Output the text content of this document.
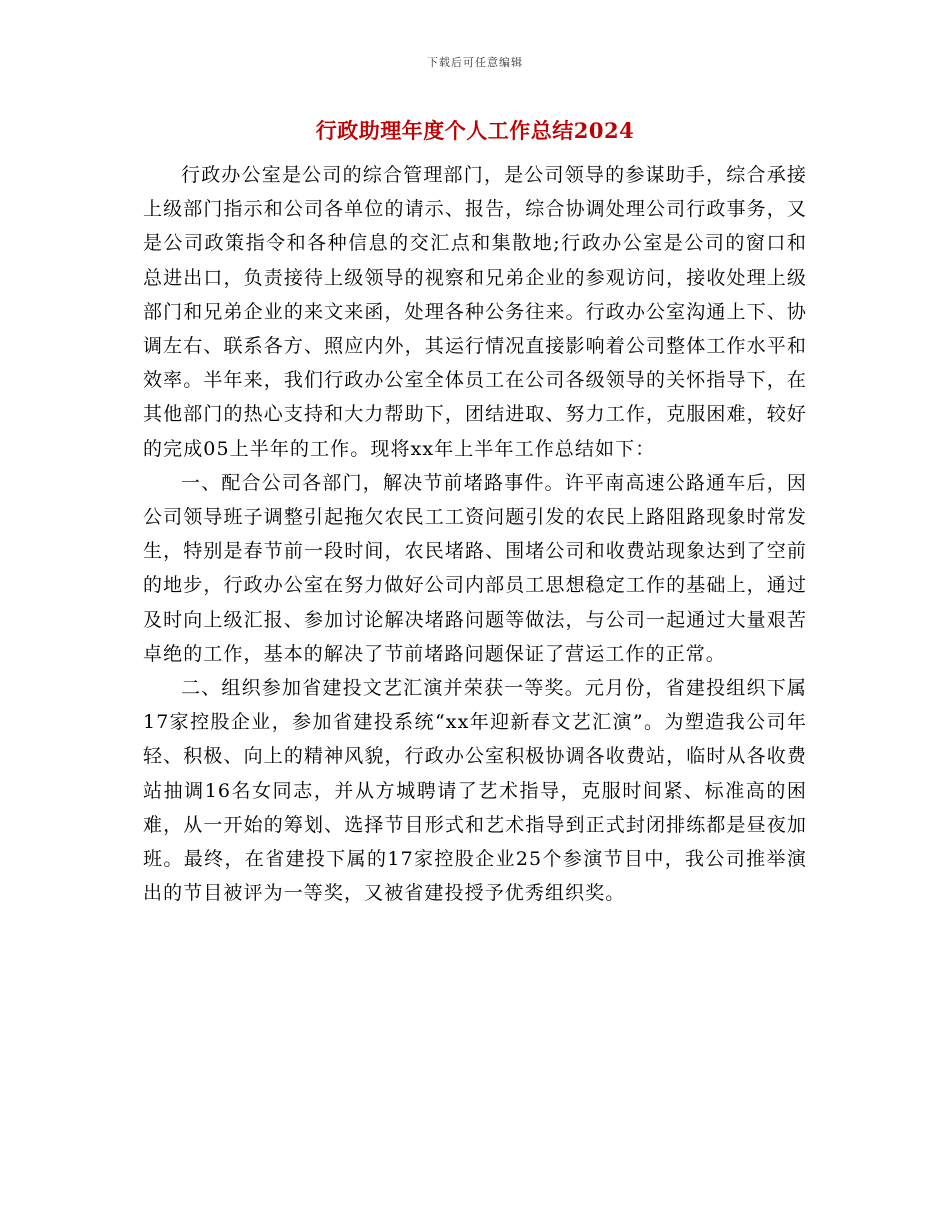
下载后可任意编辑
行政助理年度个人工作总结2024

行政办公室是公司的综合管理部门，是公司领导的参谋助手，综合承接上级部门指示和公司各单位的请示、报告，综合协调处理公司行政事务，又是公司政策指令和各种信息的交汇点和集散地;行政办公室是公司的窗口和总进出口，负责接待上级领导的视察和兄弟企业的参观访问，接收处理上级部门和兄弟企业的来文来函，处理各种公务往来。行政办公室沟通上下、协调左右、联系各方、照应内外，其运行情况直接影响着公司整体工作水平和效率。半年来，我们行政办公室全体员工在公司各级领导的关怀指导下，在其他部门的热心支持和大力帮助下，团结进取、努力工作，克服困难，较好的完成05上半年的工作。现将xx年上半年工作总结如下：

一、配合公司各部门，解决节前堵路事件。许平南高速公路通车后，因公司领导班子调整引起拖欠农民工工资问题引发的农民上路阻路现象时常发生，特别是春节前一段时间，农民堵路、围堵公司和收费站现象达到了空前的地步，行政办公室在努力做好公司内部员工思想稳定工作的基础上，通过及时向上级汇报、参加讨论解决堵路问题等做法，与公司一起通过大量艰苦卓绝的工作，基本的解决了节前堵路问题保证了营运工作的正常。

二、组织参加省建投文艺汇演并荣获一等奖。元月份，省建投组织下属17家控股企业，参加省建投系统“xx年迎新春文艺汇演”。为塑造我公司年轻、积极、向上的精神风貌，行政办公室积极协调各收费站，临时从各收费站抽调16名女同志，并从方城聘请了艺术指导，克服时间紧、标准高的困难，从一开始的筹划、选择节目形式和艺术指导到正式封闭排练都是昼夜加班。最终，在省建投下属的17家控股企业25个参演节目中，我公司推举演出的节目被评为一等奖，又被省建投授予优秀组织奖。
